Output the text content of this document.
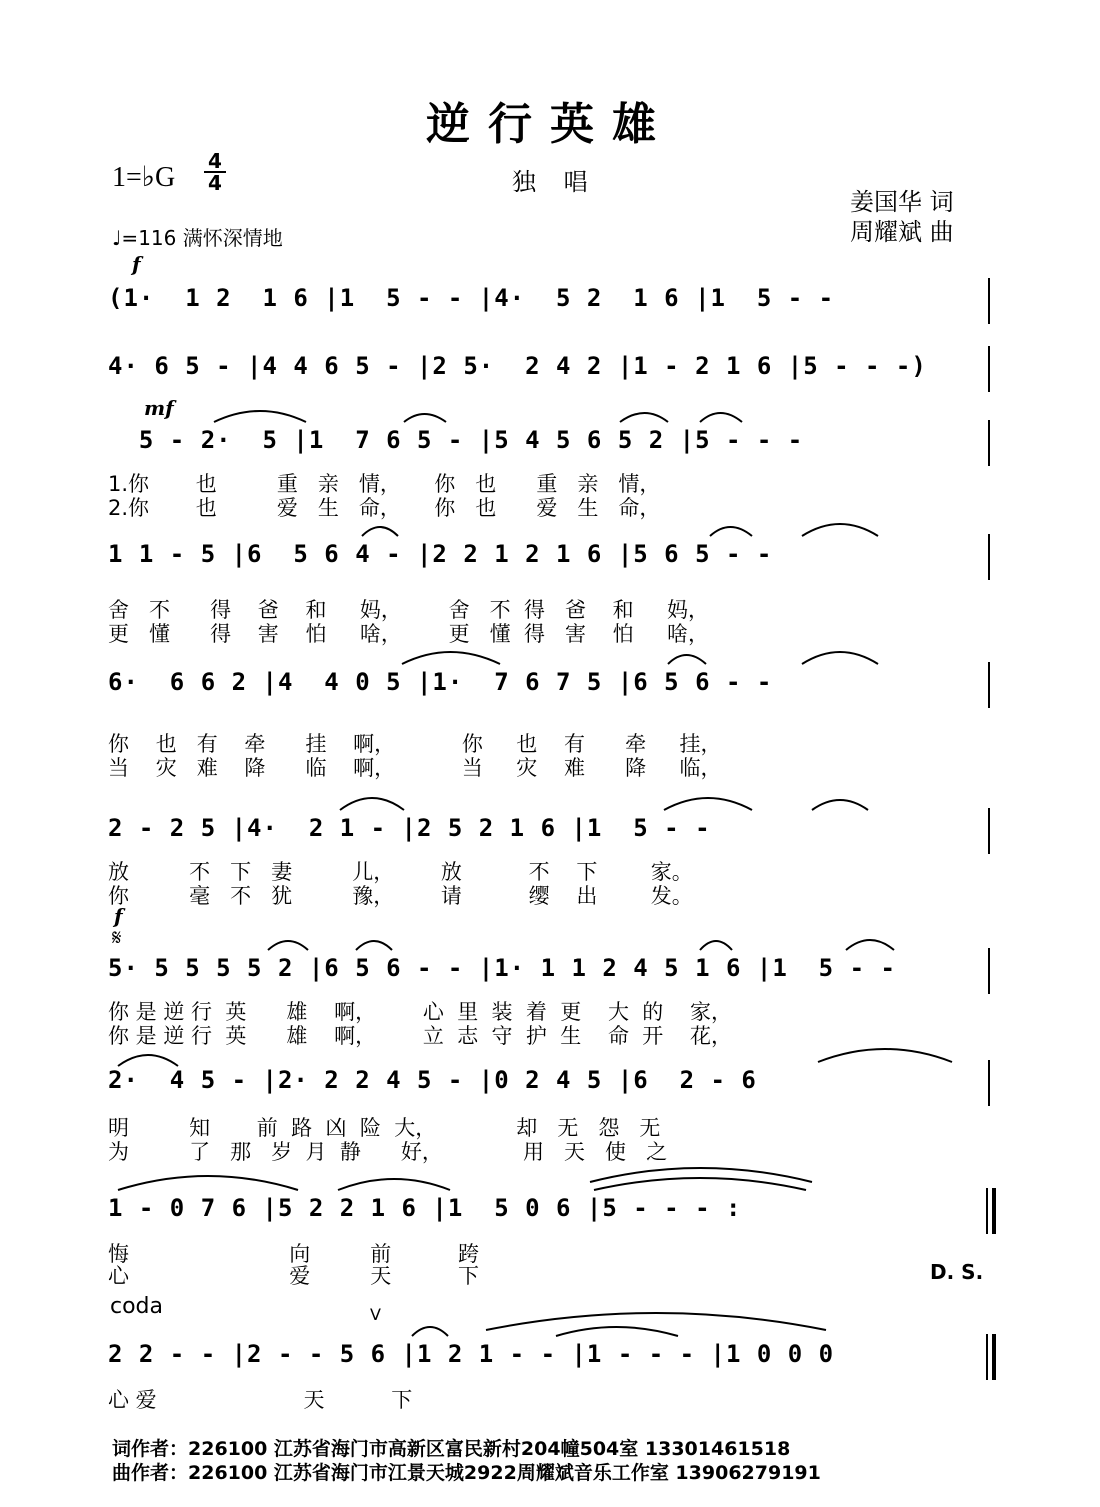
逆行英雄
1=♭G
4
4	独 唱
姜国华 词
周耀斌 曲
♩=116 满怀深情地
f
mf
f
𝄋
(1·  1 2  1 6 |1  5 - - |4·  5 2  1 6 |1  5 - -
4· 6 5 - |4 4 6 5 - |2 5·  2 4 2 |1 - 2 1 6 |5 - - -)
5 - 2·  5 |1  7 6 5 - |5 4 5 6 5 2 |5 - - -
1 1 - 5 |6  5 6 4 - |2 2 1 2 1 6 |5 6 5 - -
6·  6 6 2 |4  4 0 5 |1·  7 6 7 5 |6 5 6 - -
2 - 2 5 |4·  2 1 - |2 5 2 1 6 |1  5 - -
5· 5 5 5 5 2 |6 5 6 - - |1· 1 1 2 4 5 1 6 |1  5 - -
2·  4 5 - |2· 2 2 4 5 - |0 2 4 5 |6  2 - 6
1 - 0 7 6 |5 2 2 1 6 |1  5 0 6 |5 - - - :
2 2 - - |2 - - 5 6 |1 2 1 - - |1 - - - |1 0 0 0
V
1.你       也         重   亲   情，     你   也      重   亲   情，
2.你       也         爱   生   命，     你   也      爱   生   命，
舍   不      得    爸    和     妈，       舍   不  得   爸    和     妈，
更   懂      得    害    怕     啥，       更   懂  得   害    怕     啥，
你    也   有    牵      挂    啊，          你     也    有      牵     挂，
当    灾   难    降      临    啊，          当     灾    难      降     临，
放         不   下   妻         儿，       放          不    下        家。
你         毫   不   犹         豫，       请          缨    出        发。
你 是 逆 行  英      雄    啊，       心  里  装  着  更    大  的    家，
你 是 逆 行  英      雄    啊，       立  志  守  护  生    命  开    花，
明         知       前  路  凶  险  大，            却   无   怨   无
为         了   那   岁  月  静      好，            用   天   使   之
悔                        向         前          跨
心                        爱         天          下
心 爱                      天          下
D. S.
coda
词作者：226100 江苏省海门市高新区富民新村204幢504室 13301461518
曲作者：226100 江苏省海门市江景天城2922周耀斌音乐工作室 13906279191
